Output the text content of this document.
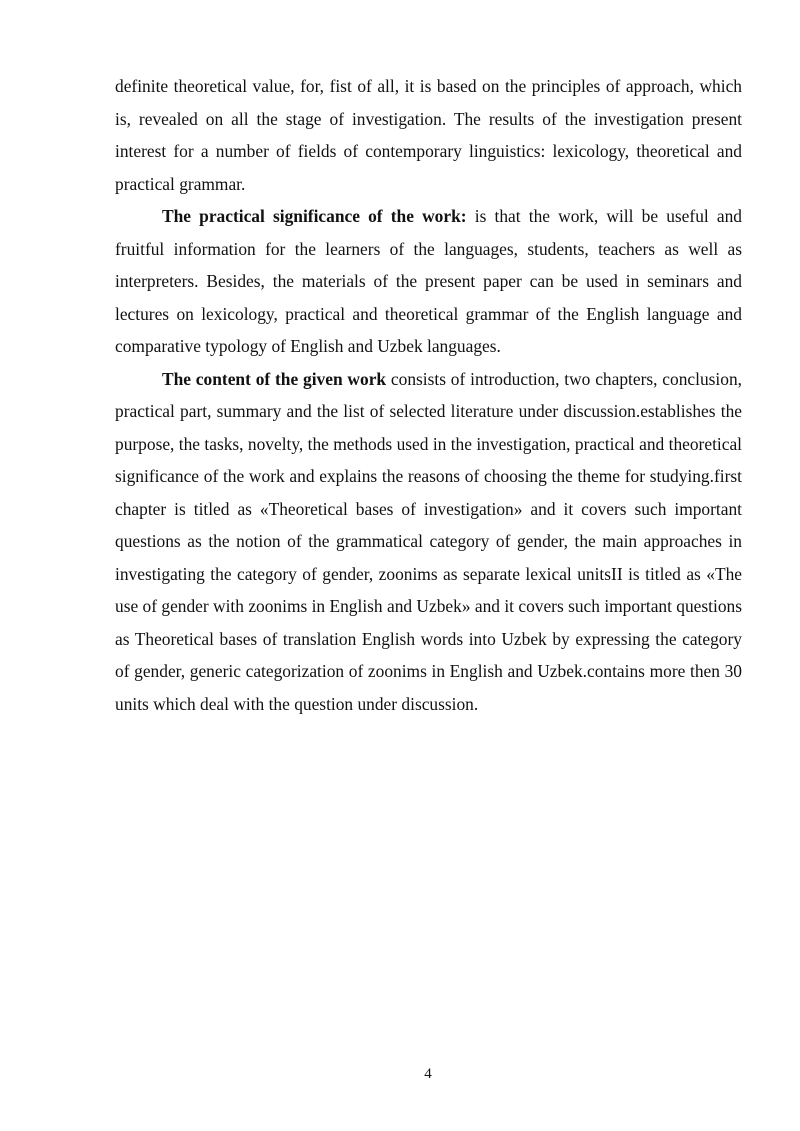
definite theoretical value, for, fist of all, it is based on the principles of approach, which is, revealed on all the stage of investigation. The results of the investigation present interest for a number of fields of contemporary linguistics: lexicology, theoretical and practical grammar.

The practical significance of the work: is that the work, will be useful and fruitful information for the learners of the languages, students, teachers as well as interpreters. Besides, the materials of the present paper can be used in seminars and lectures on lexicology, practical and theoretical grammar of the English language and comparative typology of English and Uzbek languages.

The content of the given work consists of introduction, two chapters, conclusion, practical part, summary and the list of selected literature under discussion.establishes the purpose, the tasks, novelty, the methods used in the investigation, practical and theoretical significance of the work and explains the reasons of choosing the theme for studying.first chapter is titled as «Theoretical bases of investigation» and it covers such important questions as the notion of the grammatical category of gender, the main approaches in investigating the category of gender, zoonims as separate lexical unitsII is titled as «The use of gender with zoonims in English and Uzbek» and it covers such important questions as Theoretical bases of translation English words into Uzbek by expressing the category of gender, generic categorization of zoonims in English and Uzbek.contains more then 30 units which deal with the question under discussion.

4
